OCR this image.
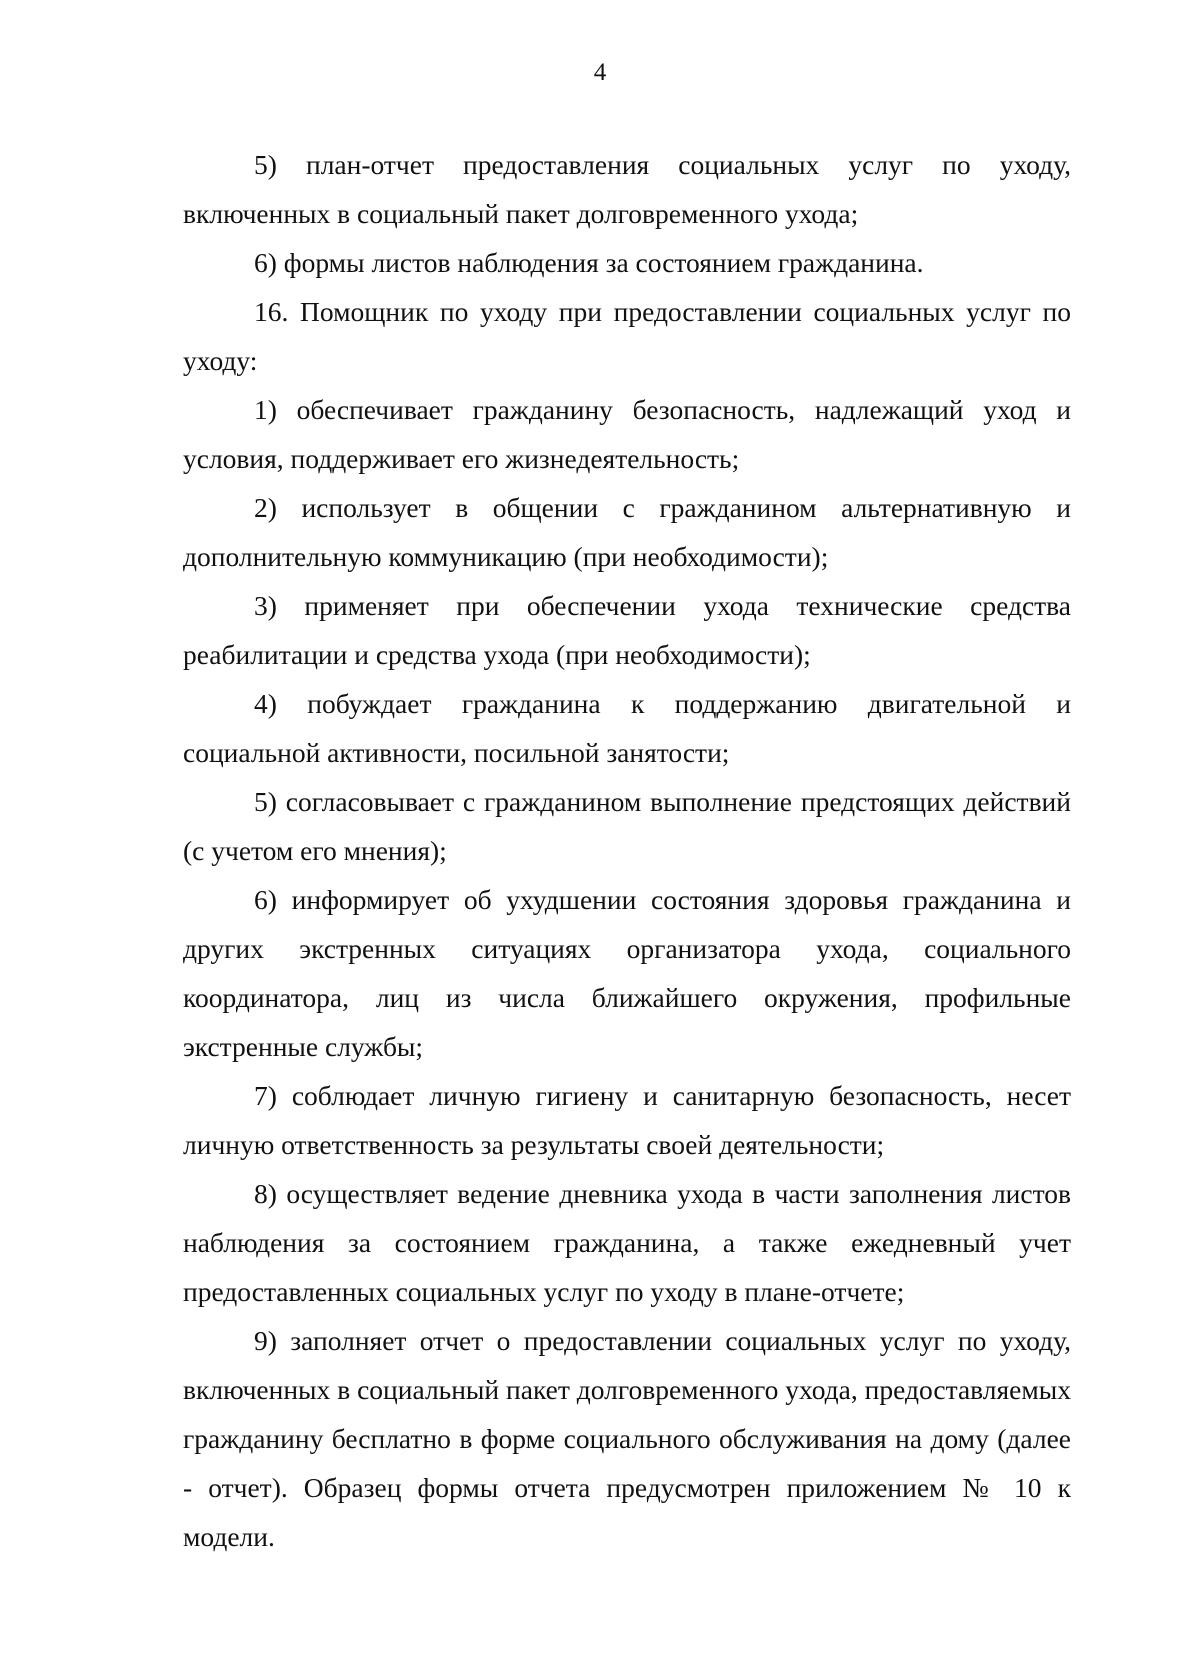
4

5) план-отчет предоставления социальных услуг по уходу, включенных в социальный пакет долговременного ухода;

6) формы листов наблюдения за состоянием гражданина.

16. Помощник по уходу при предоставлении социальных услуг по уходу:

1) обеспечивает гражданину безопасность, надлежащий уход и условия, поддерживает его жизнедеятельность;

2) использует в общении с гражданином альтернативную и дополнительную коммуникацию (при необходимости);

3) применяет при обеспечении ухода технические средства реабилитации и средства ухода (при необходимости);

4) побуждает гражданина к поддержанию двигательной и социальной активности, посильной занятости;

5) согласовывает с гражданином выполнение предстоящих действий (с учетом его мнения);

6) информирует об ухудшении состояния здоровья гражданина и других экстренных ситуациях организатора ухода, социального координатора, лиц из числа ближайшего окружения, профильные экстренные службы;

7) соблюдает личную гигиену и санитарную безопасность, несет личную ответственность за результаты своей деятельности;

8) осуществляет ведение дневника ухода в части заполнения листов наблюдения за состоянием гражданина, а также ежедневный учет предоставленных социальных услуг по уходу в плане-отчете;

9) заполняет отчет о предоставлении социальных услуг по уходу, включенных в социальный пакет долговременного ухода, предоставляемых гражданину бесплатно в форме социального обслуживания на дому (далее - отчет). Образец формы отчета предусмотрен приложением № 10 к модели.
